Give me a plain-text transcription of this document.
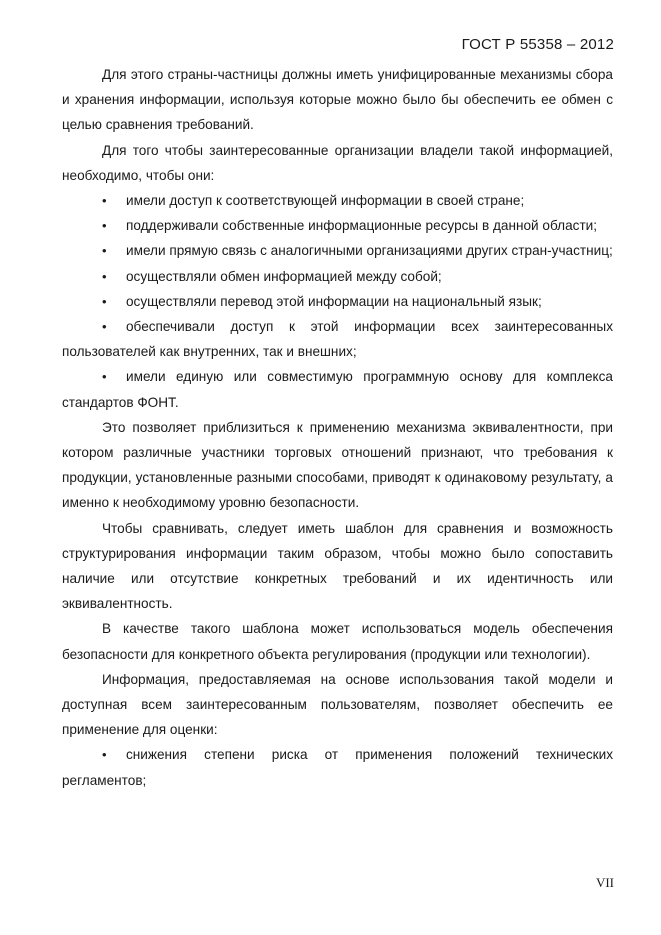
ГОСТ Р 55358 – 2012

Для этого страны-частницы должны иметь унифицированные механизмы сбора и хранения информации, используя которые можно было бы обеспечить ее обмен с целью сравнения требований.

Для того чтобы заинтересованные организации владели такой информацией, необходимо, чтобы они:

• имели доступ к соответствующей информации в своей стране;

• поддерживали собственные информационные ресурсы в данной области;

• имели прямую связь с аналогичными организациями других стран-участниц;

• осуществляли обмен информацией между собой;

• осуществляли перевод этой информации на национальный язык;

• обеспечивали доступ к этой информации всех заинтересованных пользователей как внутренних, так и внешних;

• имели единую или совместимую программную основу для комплекса стандартов ФОНТ.

Это позволяет приблизиться к применению механизма эквивалентности, при котором различные участники торговых отношений признают, что требования к продукции, установленные разными способами, приводят к одинаковому результату, а именно к необходимому уровню безопасности.

Чтобы сравнивать, следует иметь шаблон для сравнения и возможность структурирования информации таким образом, чтобы можно было сопоставить наличие или отсутствие конкретных требований и их идентичность или эквивалентность.

В качестве такого шаблона может использоваться модель обеспечения безопасности для конкретного объекта регулирования (продукции или технологии).

Информация, предоставляемая на основе использования такой модели и доступная всем заинтересованным пользователям, позволяет обеспечить ее применение для оценки:

• снижения степени риска от применения положений технических регламентов;

VII
